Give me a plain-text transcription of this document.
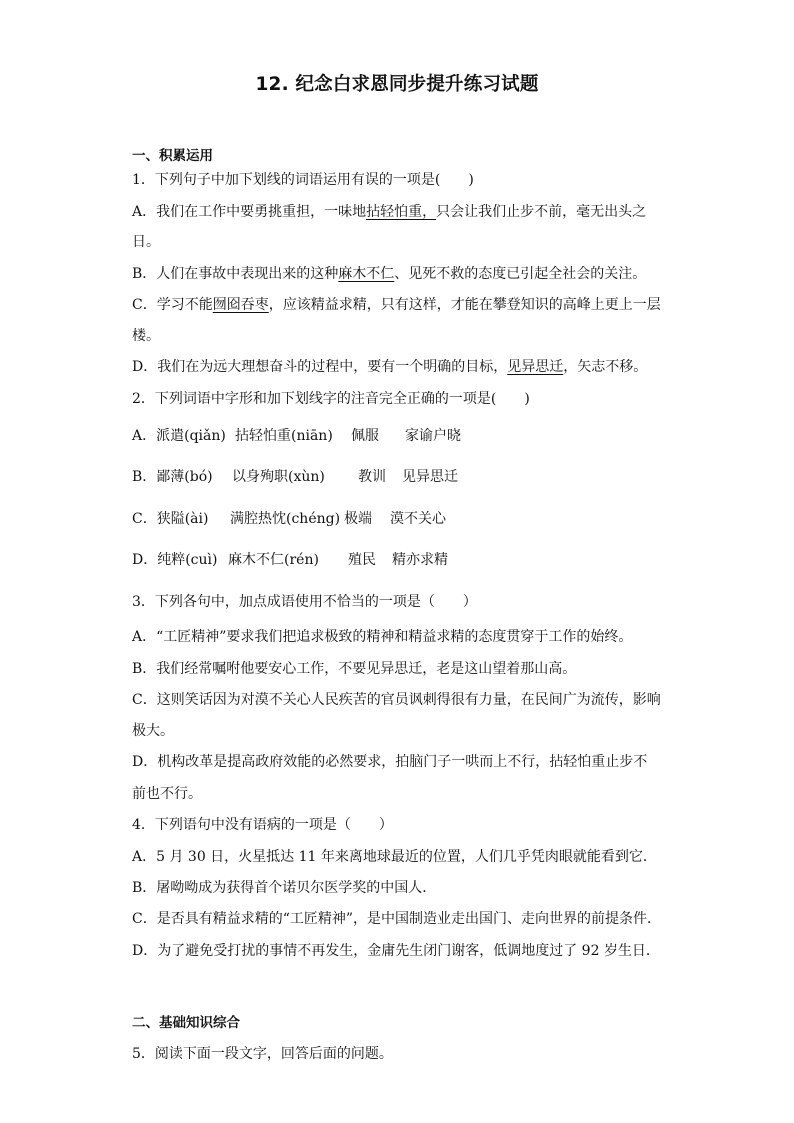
12. 纪念白求恩同步提升练习试题
一、积累运用
1．下列句子中加下划线的词语运用有误的一项是(　　)
A．我们在工作中要勇挑重担，一味地拈轻怕重，只会让我们止步不前，毫无出头之
日。
B．人们在事故中表现出来的这种麻木不仁、见死不救的态度已引起全社会的关注。
C．学习不能囫囵吞枣，应该精益求精，只有这样，才能在攀登知识的高峰上更上一层
楼。
D．我们在为远大理想奋斗的过程中，要有一个明确的目标，见异思迁，矢志不移。
2．下列词语中字形和加下划线字的注音完全正确的一项是(　　)
A．派遣(qiǎn) 拈轻怕重(niān) 佩服 家谕户晓
B．鄙薄(bó) 以身殉职(xùn) 教训 见异思迁
C．狭隘(ài) 满腔热忱(chéng) 极端 漠不关心
D．纯粹(cuì) 麻木不仁(rén) 殖民 精亦求精
3．下列各句中，加点成语使用不恰当的一项是（　　）
A．“工匠精神”要求我们把追求极致的精神和精益求精的态度贯穿于工作的始终。
B．我们经常嘱咐他要安心工作，不要见异思迁，老是这山望着那山高。
C．这则笑话因为对漠不关心人民疾苦的官员讽刺得很有力量，在民间广为流传，影响
极大。
D．机构改革是提高政府效能的必然要求，拍脑门子一哄而上不行，拈轻怕重止步不
前也不行。
4．下列语句中没有语病的一项是（　　）
A．5 月 30 日，火星抵达 11 年来离地球最近的位置，人们几乎凭肉眼就能看到它．
B．屠呦呦成为获得首个诺贝尔医学奖的中国人．
C．是否具有精益求精的“工匠精神”，是中国制造业走出国门、走向世界的前提条件．
D．为了避免受打扰的事情不再发生，金庸先生闭门谢客，低调地度过了 92 岁生日．
二、基础知识综合
5．阅读下面一段文字，回答后面的问题。
